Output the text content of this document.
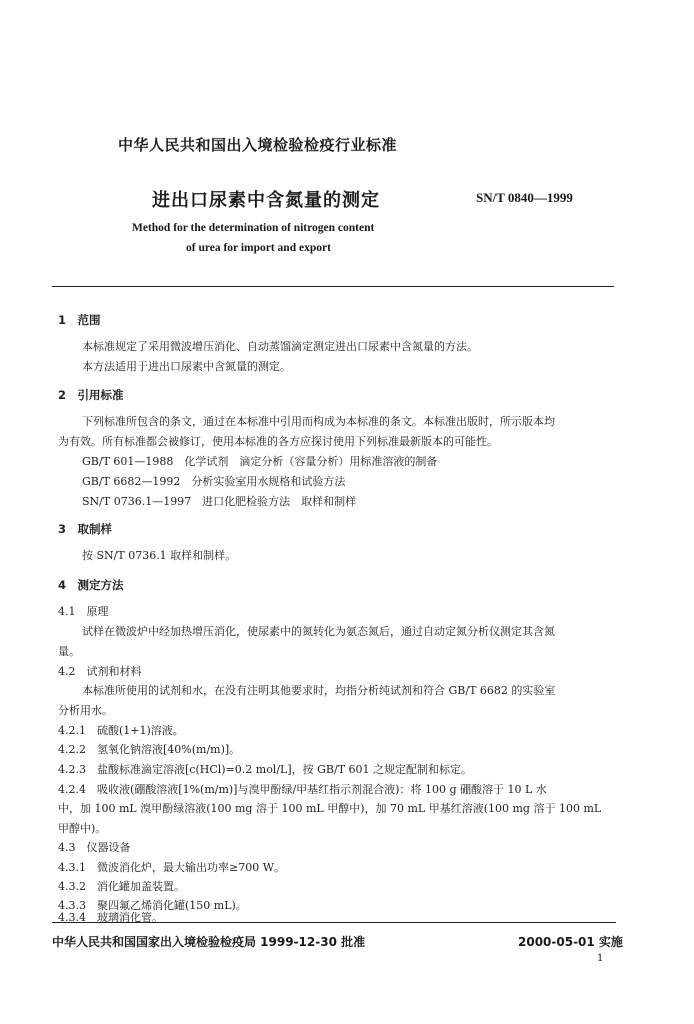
中华人民共和国出入境检验检疫行业标准
进出口尿素中含氮量的测定	SN/T 0840—1999
Method for the determination of nitrogen content
of urea for import and export
1　范围
本标准规定了采用微波增压消化、自动蒸馏滴定测定进出口尿素中含氮量的方法。
本方法适用于进出口尿素中含氮量的测定。
2　引用标准
下列标准所包含的条文，通过在本标准中引用而构成为本标准的条文。本标准出版时，所示版本均
为有效。所有标准都会被修订，使用本标准的各方应探讨使用下列标准最新版本的可能性。
GB/T 601—1988　化学试剂　滴定分析（容量分析）用标准溶液的制备
GB/T 6682—1992　分析实验室用水规格和试验方法
SN/T 0736.1—1997　进口化肥检验方法　取样和制样
3　取制样
按 SN/T 0736.1 取样和制样。
4　测定方法
4.1　原理
试样在微波炉中经加热增压消化，使尿素中的氮转化为氨态氮后，通过自动定氮分析仪测定其含氮
量。
4.2　试剂和材料
本标准所使用的试剂和水，在没有注明其他要求时，均指分析纯试剂和符合 GB/T 6682 的实验室
分析用水。
4.2.1　硫酸(1+1)溶液。
4.2.2　氢氧化钠溶液[40%(m/m)]。
4.2.3　盐酸标准滴定溶液[c(HCl)=0.2 mol/L]，按 GB/T 601 之规定配制和标定。
4.2.4　吸收液(硼酸溶液[1%(m/m)]与溴甲酚绿/甲基红指示剂混合液)：将 100 g 硼酸溶于 10 L 水
中，加 100 mL 溴甲酚绿溶液(100 mg 溶于 100 mL 甲醇中)，加 70 mL 甲基红溶液(100 mg 溶于 100 mL
甲醇中)。
4.3　仪器设备
4.3.1　微波消化炉，最大输出功率≥700 W。
4.3.2　消化罐加盖装置。
4.3.3　聚四氟乙烯消化罐(150 mL)。
中华人民共和国国家出入境检验检疫局 1999-12-30 批准	2000-05-01 实施
1
4.3.4　玻璃消化管。
